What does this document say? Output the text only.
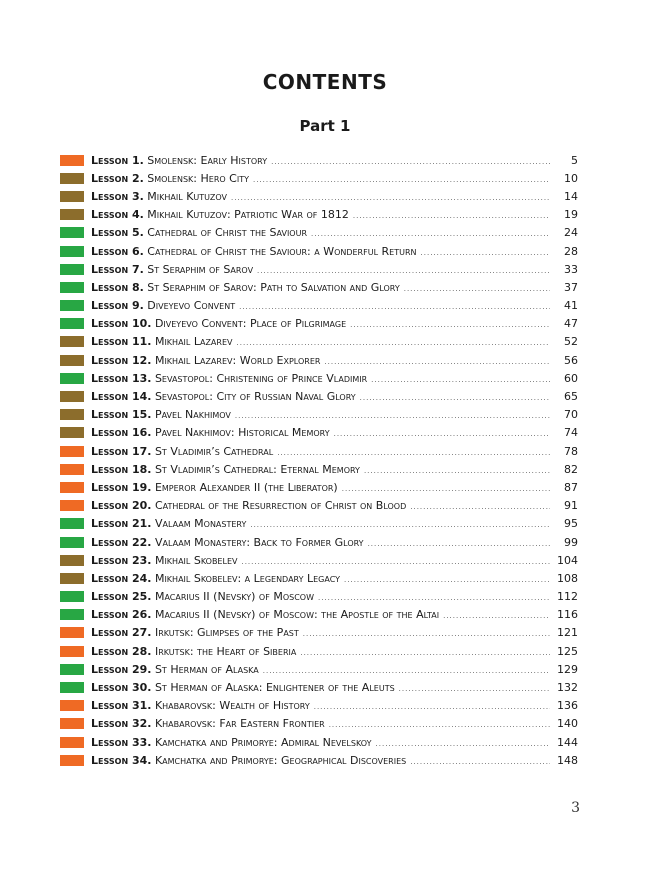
CONTENTS
Part 1
Lesson 1. Smolensk: Early History .....	5
Lesson 2. Smolensk: Hero City .....	10
Lesson 3. Mikhail Kutuzov .....	14
Lesson 4. Mikhail Kutuzov: Patriotic War of 1812 .....	19
Lesson 5. Cathedral of Christ the Saviour .....	24
Lesson 6. Cathedral of Christ the Saviour: a Wonderful Return .....	28
Lesson 7. St Seraphim of Sarov .....	33
Lesson 8. St Seraphim of Sarov: Path to Salvation and Glory .....	37
Lesson 9. Diveyevo Convent .....	41
Lesson 10. Diveyevo Convent: Place of Pilgrimage .....	47
Lesson 11. Mikhail Lazarev .....	52
Lesson 12. Mikhail Lazarev: World Explorer .....	56
Lesson 13. Sevastopol: Christening of Prince Vladimir .....	60
Lesson 14. Sevastopol: City of Russian Naval Glory .....	65
Lesson 15. Pavel Nakhimov .....	70
Lesson 16. Pavel Nakhimov: Historical Memory .....	74
Lesson 17. St Vladimir’s Cathedral .....	78
Lesson 18. St Vladimir’s Cathedral: Eternal Memory .....	82
Lesson 19. Emperor Alexander II (the Liberator) .....	87
Lesson 20. Cathedral of the Resurrection of Christ on Blood .....	91
Lesson 21. Valaam Monastery .....	95
Lesson 22. Valaam Monastery: Back to Former Glory .....	99
Lesson 23. Mikhail Skobelev .....	104
Lesson 24. Mikhail Skobelev: a Legendary Legacy .....	108
Lesson 25. Macarius II (Nevsky) of Moscow .....	112
Lesson 26. Macarius II (Nevsky) of Moscow: the Apostle of the Altai .....	116
Lesson 27. Irkutsk: Glimpses of the Past .....	121
Lesson 28. Irkutsk: the Heart of Siberia .....	125
Lesson 29. St Herman of Alaska .....	129
Lesson 30. St Herman of Alaska: Enlightener of the Aleuts .....	132
Lesson 31. Khabarovsk: Wealth of History .....	136
Lesson 32. Khabarovsk: Far Eastern Frontier .....	140
Lesson 33. Kamchatka and Primorye: Admiral Nevelskoy .....	144
Lesson 34. Kamchatka and Primorye: Geographical Discoveries .....	148
3
